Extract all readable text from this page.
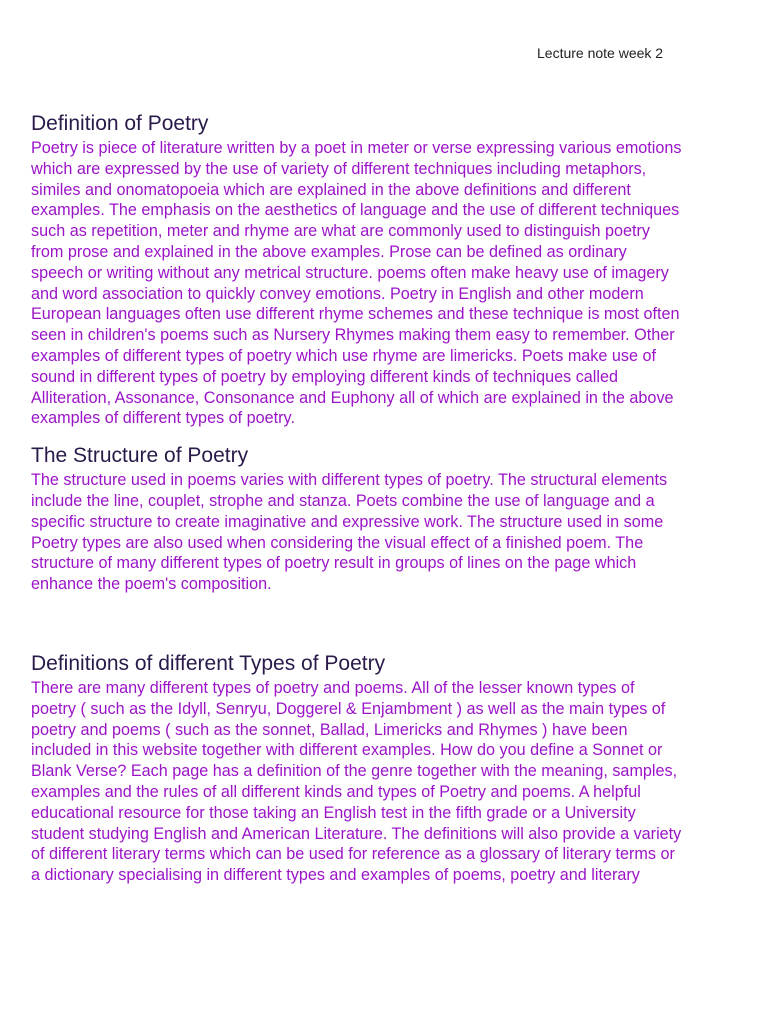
Lecture note week 2
Definition of Poetry

Poetry is piece of literature written by a poet in meter or verse expressing various emotions
which are expressed by the use of variety of different techniques including metaphors,
similes and onomatopoeia which are explained in the above definitions and different
examples. The emphasis on the aesthetics of language and the use of different techniques
such as repetition, meter and rhyme are what are commonly used to distinguish poetry
from prose and explained in the above examples. Prose can be defined as ordinary
speech or writing without any metrical structure. poems often make heavy use of imagery
and word association to quickly convey emotions. Poetry in English and other modern
European languages often use different rhyme schemes and these technique is most often
seen in children's poems such as Nursery Rhymes making them easy to remember. Other
examples of different types of poetry which use rhyme are limericks. Poets make use of
sound in different types of poetry by employing different kinds of techniques called
Alliteration, Assonance, Consonance and Euphony all of which are explained in the above
examples of different types of poetry.

The Structure of Poetry

The structure used in poems varies with different types of poetry. The structural elements
include the line, couplet, strophe and stanza. Poets combine the use of language and a
specific structure to create imaginative and expressive work. The structure used in some
Poetry types are also used when considering the visual effect of a finished poem. The
structure of many different types of poetry result in groups of lines on the page which
enhance the poem's composition.

Definitions of different Types of Poetry

There are many different types of poetry and poems. All of the lesser known types of
poetry ( such as the Idyll, Senryu, Doggerel & Enjambment ) as well as the main types of
poetry and poems ( such as the sonnet, Ballad, Limericks and Rhymes ) have been
included in this website together with different examples. How do you define a Sonnet or
Blank Verse? Each page has a definition of the genre together with the meaning, samples,
examples and the rules of all different kinds and types of Poetry and poems. A helpful
educational resource for those taking an English test in the fifth grade or a University
student studying English and American Literature. The definitions will also provide a variety
of different literary terms which can be used for reference as a glossary of literary terms or
a dictionary specialising in different types and examples of poems, poetry and literary
